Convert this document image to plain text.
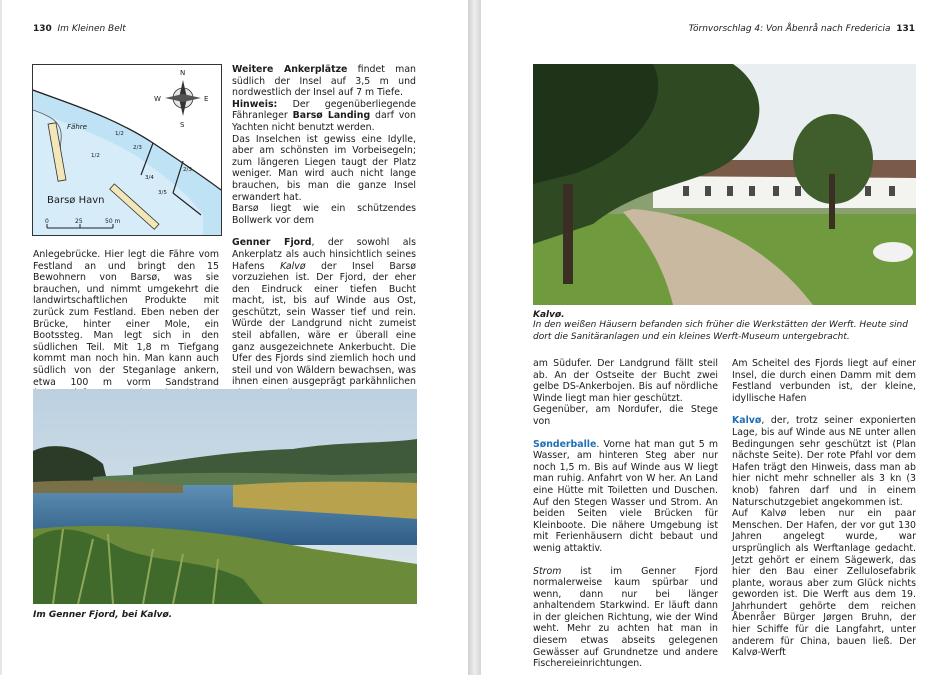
130 Im Kleinen Belt	Törnvorschlag 4: Von Åbenrå nach Fredericia 131
N
S
W	E
Fähre
Barsø Havn
1/2
3/4
3/5
2/3
2/3
1/2
0	25	50 m

Anlegebrücke. Hier legt die Fähre vom Festland an und bringt den 15 Bewohnern von Barsø, was sie brauchen, und nimmt umgekehrt die landwirtschaftlichen Produkte mit zurück zum Festland. Eben neben der Brücke, hinter einer Mole, ein Bootssteg. Man legt sich in den südlichen Teil. Mit 1,8 m Tiefgang kommt man noch hin. Man kann auch südlich von der Steganlage ankern, etwa 100 m vorm Sandstrand

Weitere Ankerplätze findet man südlich der Insel auf 3,5 m und nordwestlich der Insel auf 7 m Tiefe.

Hinweis: Der gegenüberliegende Fähranleger Barsø Landing darf von Yachten nicht benutzt werden.

Das Inselchen ist gewiss eine Idylle, aber am schönsten im Vorbeisegeln; zum längeren Liegen taugt der Platz weniger. Man wird auch nicht lange brauchen, bis man die ganze Insel erwandert hat.

Barsø liegt wie ein schützendes Bollwerk vor dem

Genner Fjord, der sowohl als Ankerplatz als auch hinsichtlich seines Hafens Kalvø der Insel Barsø vorzuziehen ist. Der Fjord, der eher den Eindruck einer tiefen Bucht macht, ist, bis auf Winde aus Ost, geschützt, sein Wasser tief und rein. Würde der Landgrund nicht zumeist steil abfallen, wäre er überall eine ganz ausgezeichnete Ankerbucht. Die Ufer des Fjords sind ziemlich hoch und steil und von Wäldern bewachsen, was ihnen einen ausgeprägt parkähnlichen

Im Genner Fjord, bei Kalvø.
Kalvø.
In den weißen Häusern befanden sich früher die Werkstätten der Werft. Heute sind dort die Sanitäranlagen und ein kleines Werft-Museum untergebracht.

am Südufer. Der Landgrund fällt steil ab. An der Ostseite der Bucht zwei gelbe DS-Ankerbojen. Bis auf nördliche Winde liegt man hier geschützt.

Gegenüber, am Nordufer, die Stege von

Sønderballe. Vorne hat man gut 5 m Wasser, am hinteren Steg aber nur noch 1,5 m. Bis auf Winde aus W liegt man ruhig. Anfahrt von W her. An Land eine Hütte mit Toiletten und Duschen. Auf den Stegen Wasser und Strom. An beiden Seiten viele Brücken für Kleinboote. Die nähere Umgebung ist mit Ferienhäusern dicht bebaut und wenig attaktiv.

Strom ist im Genner Fjord normalerweise kaum spürbar und wenn, dann nur bei länger anhaltendem Starkwind. Er läuft dann in der gleichen Richtung, wie der Wind weht. Mehr zu achten hat man in diesem etwas abseits gelegenen Gewässer auf Grundnetze und andere Fischereieinrichtungen.

Am Scheitel des Fjords liegt auf einer Insel, die durch einen Damm mit dem Festland verbunden ist, der kleine, idyllische Hafen

Kalvø, der, trotz seiner exponierten Lage, bis auf Winde aus NE unter allen Bedingungen sehr geschützt ist (Plan nächste Seite). Der rote Pfahl vor dem Hafen trägt den Hinweis, dass man ab hier nicht mehr schneller als 3 kn (3 knob) fahren darf und in einem Naturschutzgebiet angekommen ist.

Auf Kalvø leben nur ein paar Menschen. Der Hafen, der vor gut 130 Jahren angelegt wurde, war ursprünglich als Werftanlage gedacht. Jetzt gehört er einem Sägewerk, das hier den Bau einer Zellulosefabrik plante, woraus aber zum Glück nichts geworden ist. Die Werft aus dem 19. Jahrhundert gehörte dem reichen Åbenråer Bürger Jørgen Bruhn, der hier Schiffe für die Langfahrt, unter anderem für China, bauen ließ. Der Kalvø-Werft
